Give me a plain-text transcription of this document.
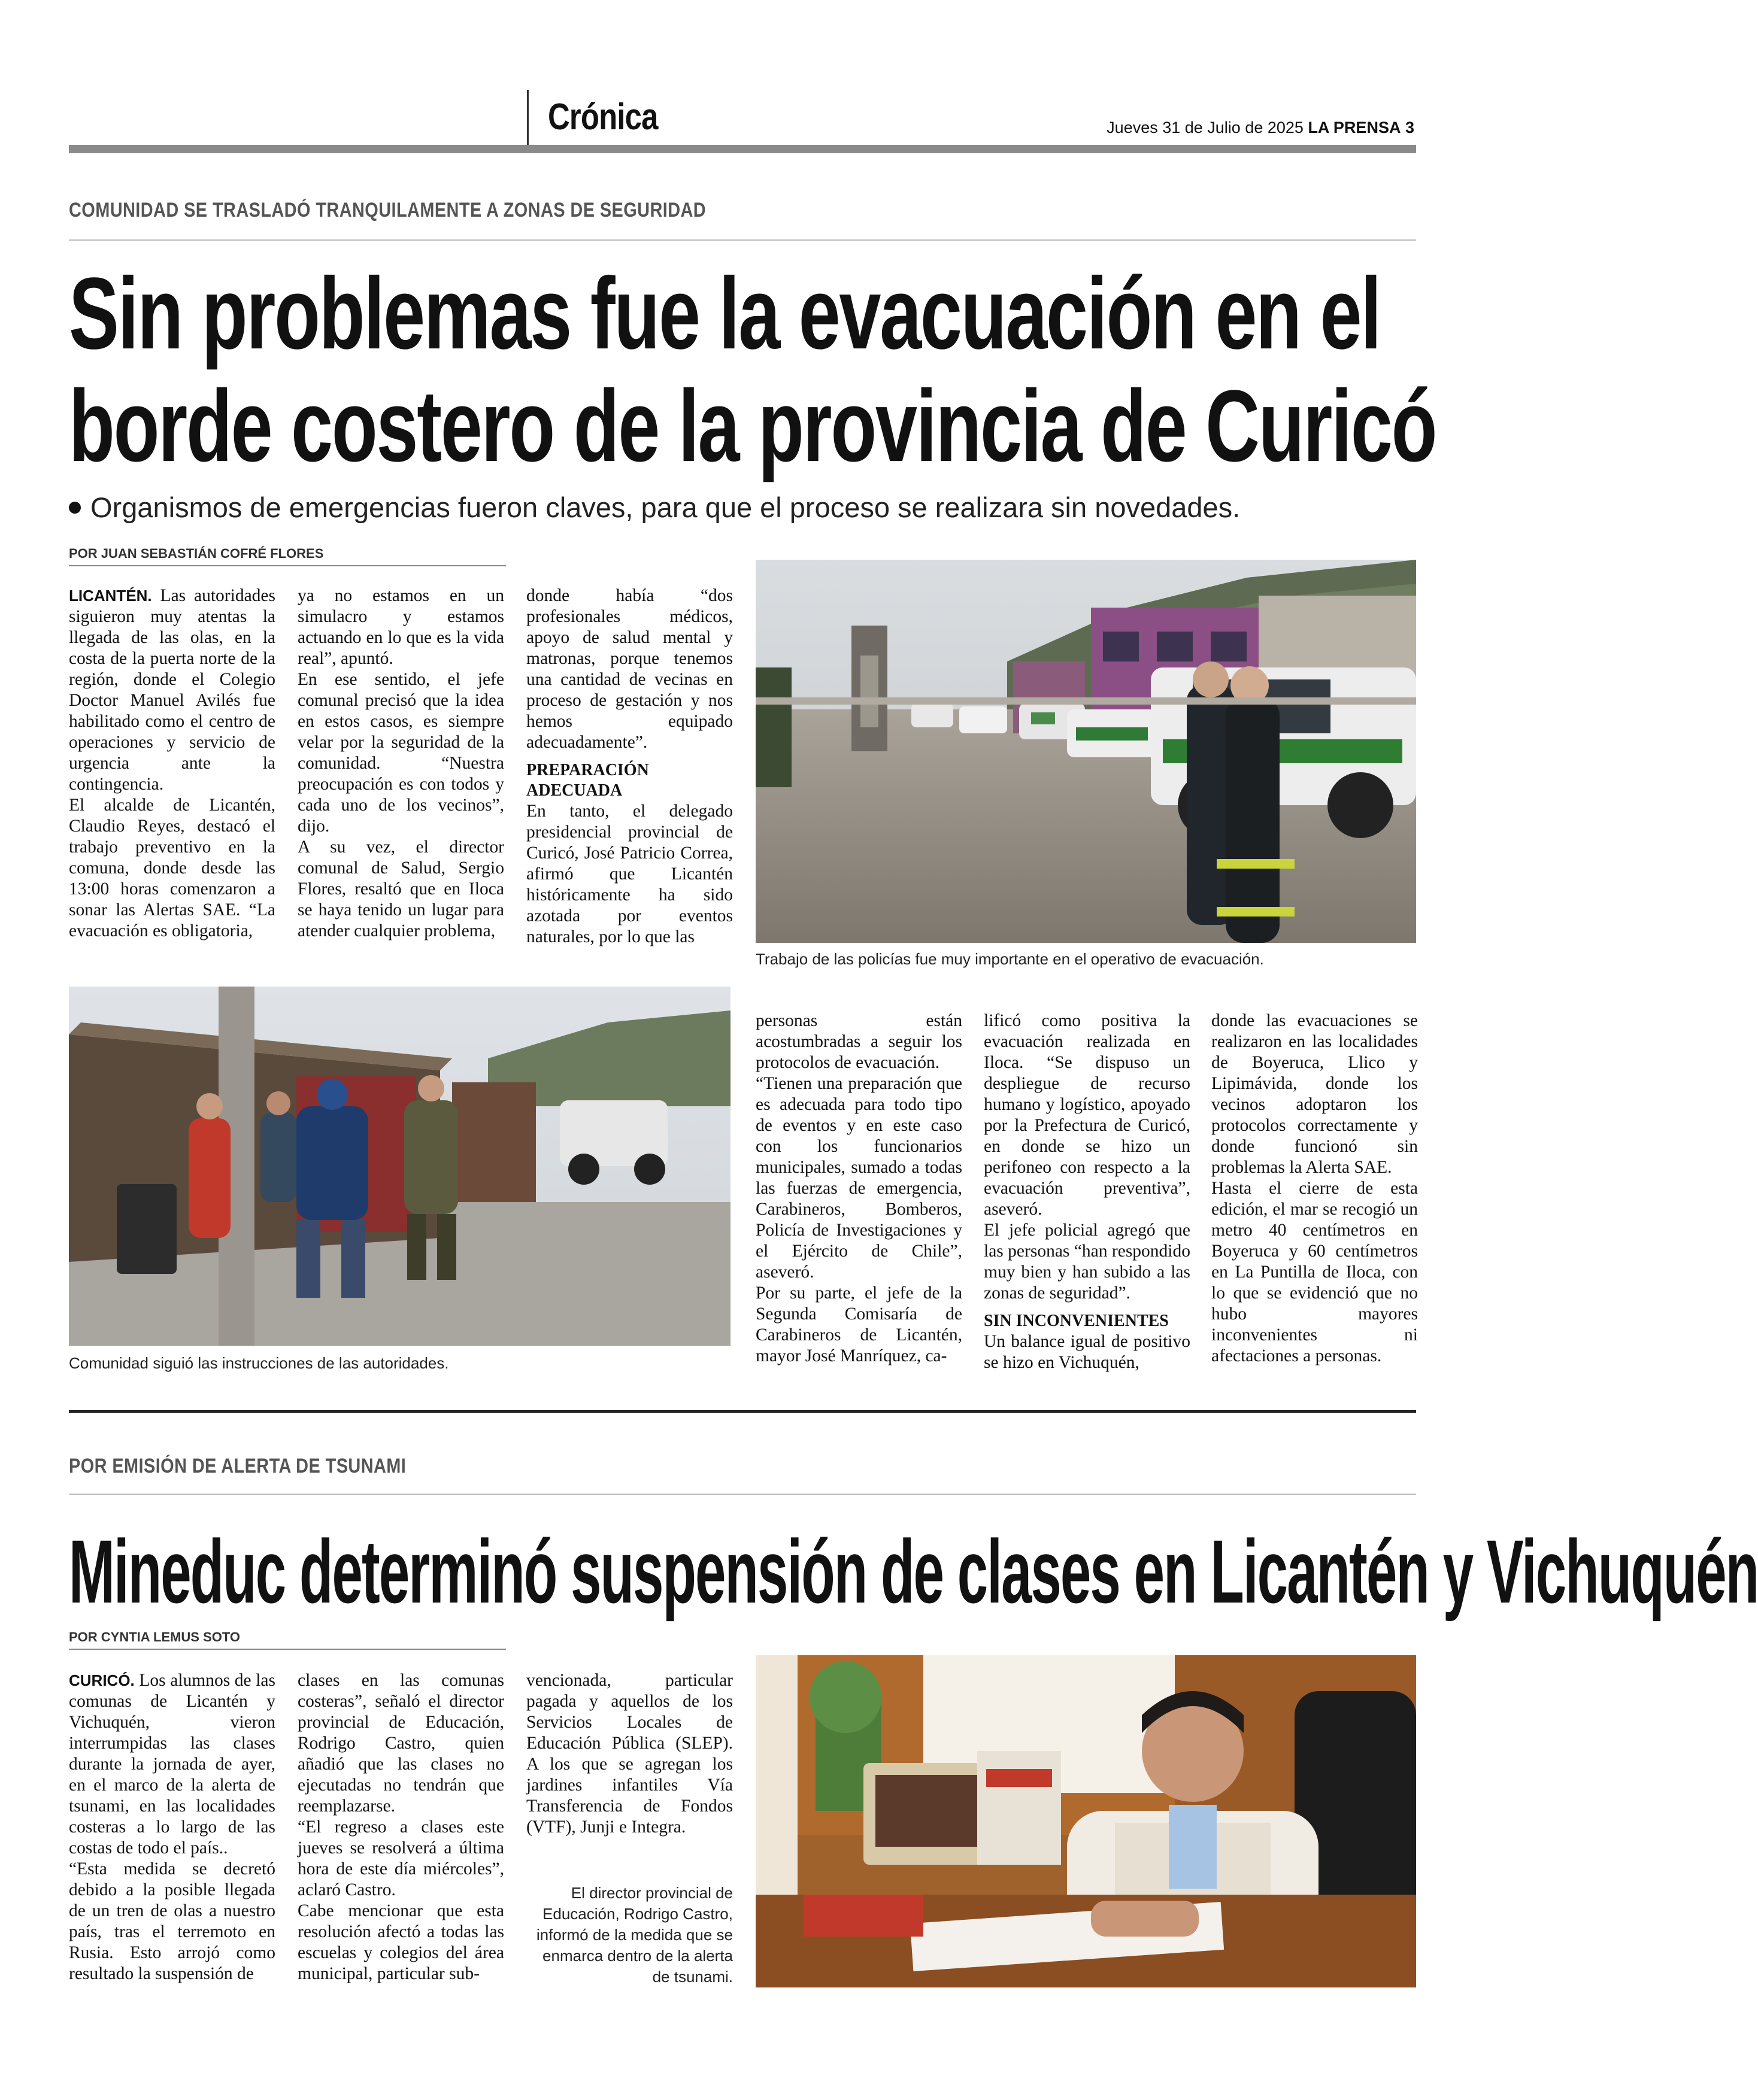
Crónica	Jueves 31 de Julio de 2025 LA PRENSA 3
COMUNIDAD SE TRASLADÓ TRANQUILAMENTE A ZONAS DE SEGURIDAD
Sin problemas fue la evacuación en el
borde costero de la provincia de Curicó
Organismos de emergencias fueron claves, para que el proceso se realizara sin novedades.
POR JUAN SEBASTIÁN COFRÉ FLORES

LICANTÉN. Las autoridades siguieron muy atentas la llegada de las olas, en la costa de la puerta norte de la región, donde el Colegio Doctor Manuel Avilés fue habilitado como el centro de operaciones y servicio de urgencia ante la contingencia.

El alcalde de Licantén, Claudio Reyes, destacó el trabajo preventivo en la comuna, donde desde las 13:00 horas comenzaron a sonar las Alertas SAE. “La evacuación es obligatoria,

ya no estamos en un simulacro y estamos actuando en lo que es la vida real”, apuntó.

En ese sentido, el jefe comunal precisó que la idea en estos casos, es siempre velar por la seguridad de la comunidad. “Nuestra preocupación es con todos y cada uno de los vecinos”, dijo.

A su vez, el director comunal de Salud, Sergio Flores, resaltó que en Iloca se haya tenido un lugar para atender cualquier problema,

donde había “dos profesionales médicos, apoyo de salud mental y matronas, porque tenemos una cantidad de vecinas en proceso de gestación y nos hemos equipado adecuadamente”.

PREPARACIÓN ADECUADA

En tanto, el delegado presidencial provincial de Curicó, José Patricio Correa, afirmó que Licantén históricamente ha sido azotada por eventos naturales, por lo que las

Trabajo de las policías fue muy importante en el operativo de evacuación.
Comunidad siguió las instrucciones de las autoridades.

personas están acostumbradas a seguir los protocolos de evacuación.

“Tienen una preparación que es adecuada para todo tipo de eventos y en este caso con los funcionarios municipales, sumado a todas las fuerzas de emergencia, Carabineros, Bomberos, Policía de Investigaciones y el Ejército de Chile”, aseveró.

Por su parte, el jefe de la Segunda Comisaría de Carabineros de Licantén, mayor José Manríquez, ca-

lificó como positiva la evacuación realizada en Iloca. “Se dispuso un despliegue de recurso humano y logístico, apoyado por la Prefectura de Curicó, en donde se hizo un perifoneo con respecto a la evacuación preventiva”, aseveró.

El jefe policial agregó que las personas “han respondido muy bien y han subido a las zonas de seguridad”.

SIN INCONVENIENTES

Un balance igual de positivo se hizo en Vichuquén,

donde las evacuaciones se realizaron en las localidades de Boyeruca, Llico y Lipimávida, donde los vecinos adoptaron los protocolos correctamente y donde funcionó sin problemas la Alerta SAE.

Hasta el cierre de esta edición, el mar se recogió un metro 40 centímetros en Boyeruca y 60 centímetros en La Puntilla de Iloca, con lo que se evidenció que no hubo mayores inconvenientes ni afectaciones a personas.

POR EMISIÓN DE ALERTA DE TSUNAMI
Mineduc determinó suspensión de clases en Licantén y Vichuquén
POR CYNTIA LEMUS SOTO

CURICÓ. Los alumnos de las comunas de Licantén y Vichuquén, vieron interrumpidas las clases durante la jornada de ayer, en el marco de la alerta de tsunami, en las localidades costeras a lo largo de las costas de todo el país..

“Esta medida se decretó debido a la posible llegada de un tren de olas a nuestro país, tras el terremoto en Rusia. Esto arrojó como resultado la suspensión de

clases en las comunas costeras”, señaló el director provincial de Educación, Rodrigo Castro, quien añadió que las clases no ejecutadas no tendrán que reemplazarse.

“El regreso a clases este jueves se resolverá a última hora de este día miércoles”, aclaró Castro.

Cabe mencionar que esta resolución afectó a todas las escuelas y colegios del área municipal, particular sub-

vencionada, particular pagada y aquellos de los Servicios Locales de Educación Pública (SLEP). A los que se agregan los jardines infantiles Vía Transferencia de Fondos (VTF), Junji e Integra.

El director provincial de Educación, Rodrigo Castro, informó de la medida que se enmarca dentro de la alerta de tsunami.
